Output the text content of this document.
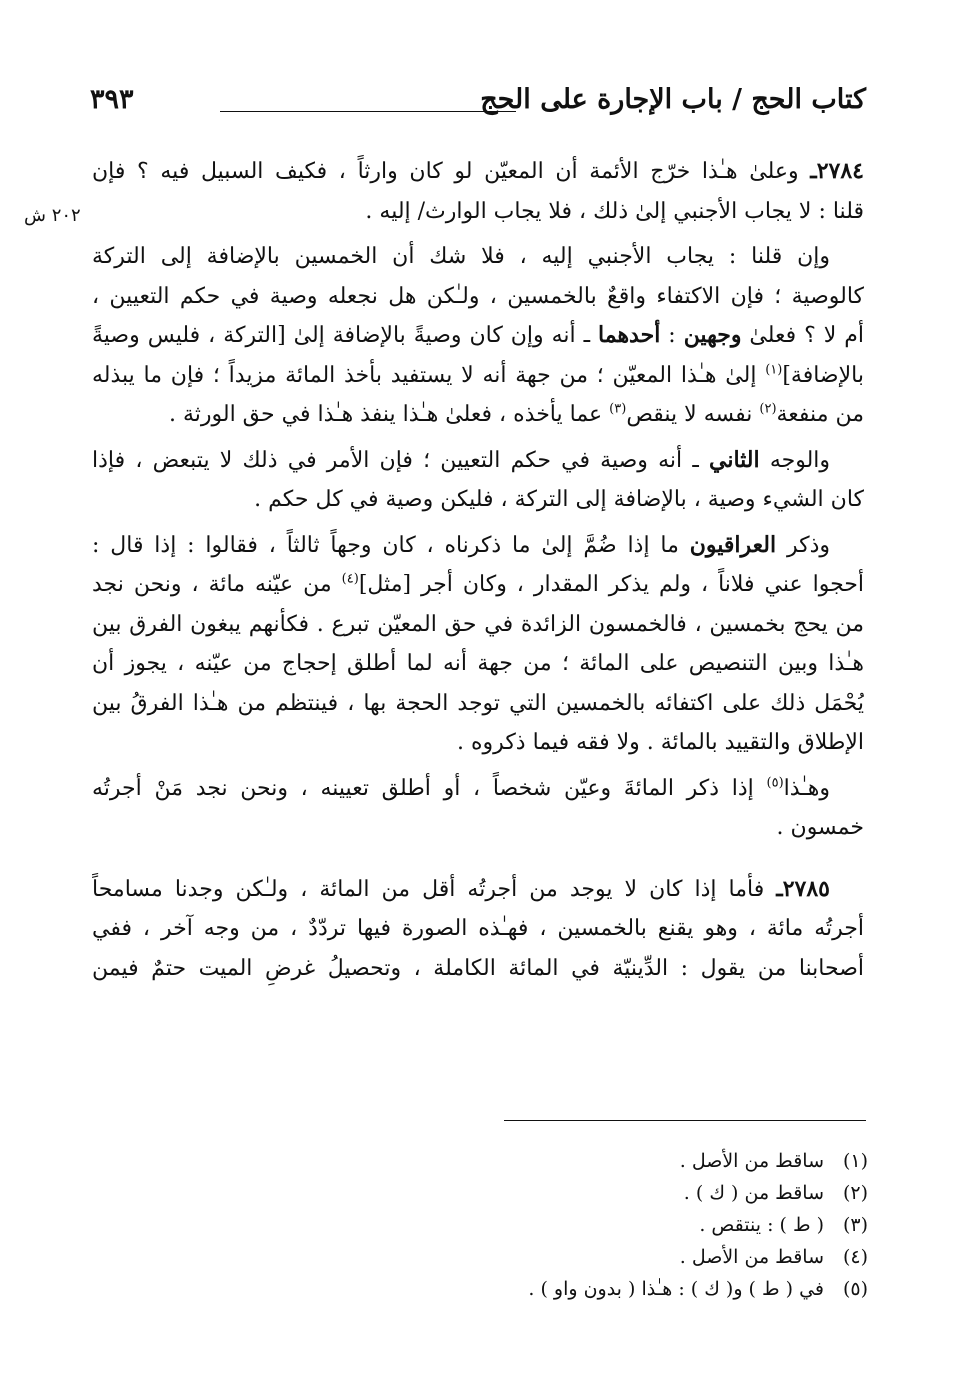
كتاب الحج / باب الإجارة على الحج
٣٩٣
٢٠٢ ش

٢٧٨٤ـ وعلىٰ هـٰذا خرّج الأئمة أن المعيّن لو كان وارثاً ، فكيف السبيل فيه ؟ فإن
قلنا : لا يجاب الأجنبي إلىٰ ذلك ، فلا يجاب الوارث/ إليه .

وإن قلنا : يجاب الأجنبي إليه ، فلا شك أن الخمسين بالإضافة إلى التركة
كالوصية ؛ فإن الاكتفاء واقعٌ بالخمسين ، ولـٰكن هل نجعله وصية في حكم التعيين ،
أم لا ؟ فعلىٰ وجهين : أحدهما ـ أنه وإن كان وصيةً بالإضافة إلىٰ [التركة ، فليس وصيةً
بالإضافة]$^{(١)}$ إلىٰ هـٰذا المعيّن ؛ من جهة أنه لا يستفيد بأخذ المائة مزيداً ؛ فإن ما يبذله
من منفعة$^{(٢)}$ نفسه لا ينقص$^{(٣)}$ عما يأخذه ، فعلىٰ هـٰذا ينفذ هـٰذا في حق الورثة .

والوجه الثاني ـ أنه وصية في حكم التعيين ؛ فإن الأمر في ذلك لا يتبعض ، فإذا
كان الشيء وصية ، بالإضافة إلى التركة ، فليكن وصية في كل حكم .

وذكر العراقيون ما إذا ضُمَّ إلىٰ ما ذكرناه ، كان وجهاً ثالثاً ، فقالوا : إذا قال :
أحجوا عني فلاناً ، ولم يذكر المقدار ، وكان أجر [مثل]$^{(٤)}$ من عيّنه مائة ، ونحن نجد
من يحج بخمسين ، فالخمسون الزائدة في حق المعيّن تبرع . فكأنهم يبغون الفرق بين
هـٰذا وبين التنصيص على المائة ؛ من جهة أنه لما أطلق إحجاج من عيّنه ، يجوز أن
يُحْمَل ذلك على اكتفائه بالخمسين التي توجد الحجة بها ، فينتظم من هـٰذا الفرقُ بين
الإطلاق والتقييد بالمائة . ولا فقه فيما ذكروه .

وهـٰذا$^{(٥)}$ إذا ذكر المائةَ وعيّن شخصاً ، أو أطلق تعيينه ، ونحن نجد مَنْ أجرتُه
خمسون .

٢٧٨٥ـ فأما إذا كان لا يوجد من أجرتُه أقل من المائة ، ولـٰكن وجدنا مسامحاً
أجرتُه مائة ، وهو يقنع بالخمسين ، فهـٰذه الصورة فيها تردّدٌ ، من وجه آخر ، ففي
أصحابنا من يقول : الدِّينيّة في المائة الكاملة ، وتحصيلُ غرضِ الميت حتمٌ فيمن

(١)ساقط من الأصل .
(٢)ساقط من ( ك ) .
(٣)( ط ) : ينتقص .
(٤)ساقط من الأصل .
(٥)في ( ط ) و( ك ) : هـٰذا ( بدون واو ) .
